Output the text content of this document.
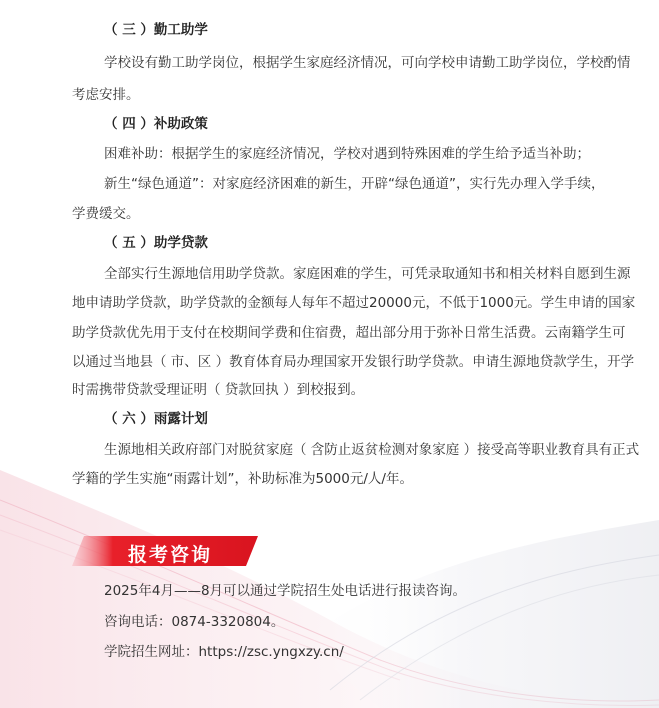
（ 三 ）勤工助学
学校设有勤工助学岗位，根据学生家庭经济情况，可向学校申请勤工助学岗位，学校酌情
考虑安排。
（ 四 ）补助政策
困难补助：根据学生的家庭经济情况，学校对遇到特殊困难的学生给予适当补助；
新生“绿色通道”：对家庭经济困难的新生，开辟“绿色通道”，实行先办理入学手续，
学费缓交。
（ 五 ）助学贷款
全部实行生源地信用助学贷款。家庭困难的学生，可凭录取通知书和相关材料自愿到生源
地申请助学贷款，助学贷款的金额每人每年不超过20000元，不低于1000元。学生申请的国家
助学贷款优先用于支付在校期间学费和住宿费，超出部分用于弥补日常生活费。云南籍学生可
以通过当地县（ 市、区 ）教育体育局办理国家开发银行助学贷款。申请生源地贷款学生，开学
时需携带贷款受理证明（ 贷款回执 ）到校报到。
（ 六 ）雨露计划
生源地相关政府部门对脱贫家庭（ 含防止返贫检测对象家庭 ）接受高等职业教育具有正式
学籍的学生实施“雨露计划”，补助标准为5000元/人/年。
报考咨询
2025年4月——8月可以通过学院招生处电话进行报读咨询。
咨询电话：0874-3320804。
学院招生网址：https://zsc.yngxzy.cn/
